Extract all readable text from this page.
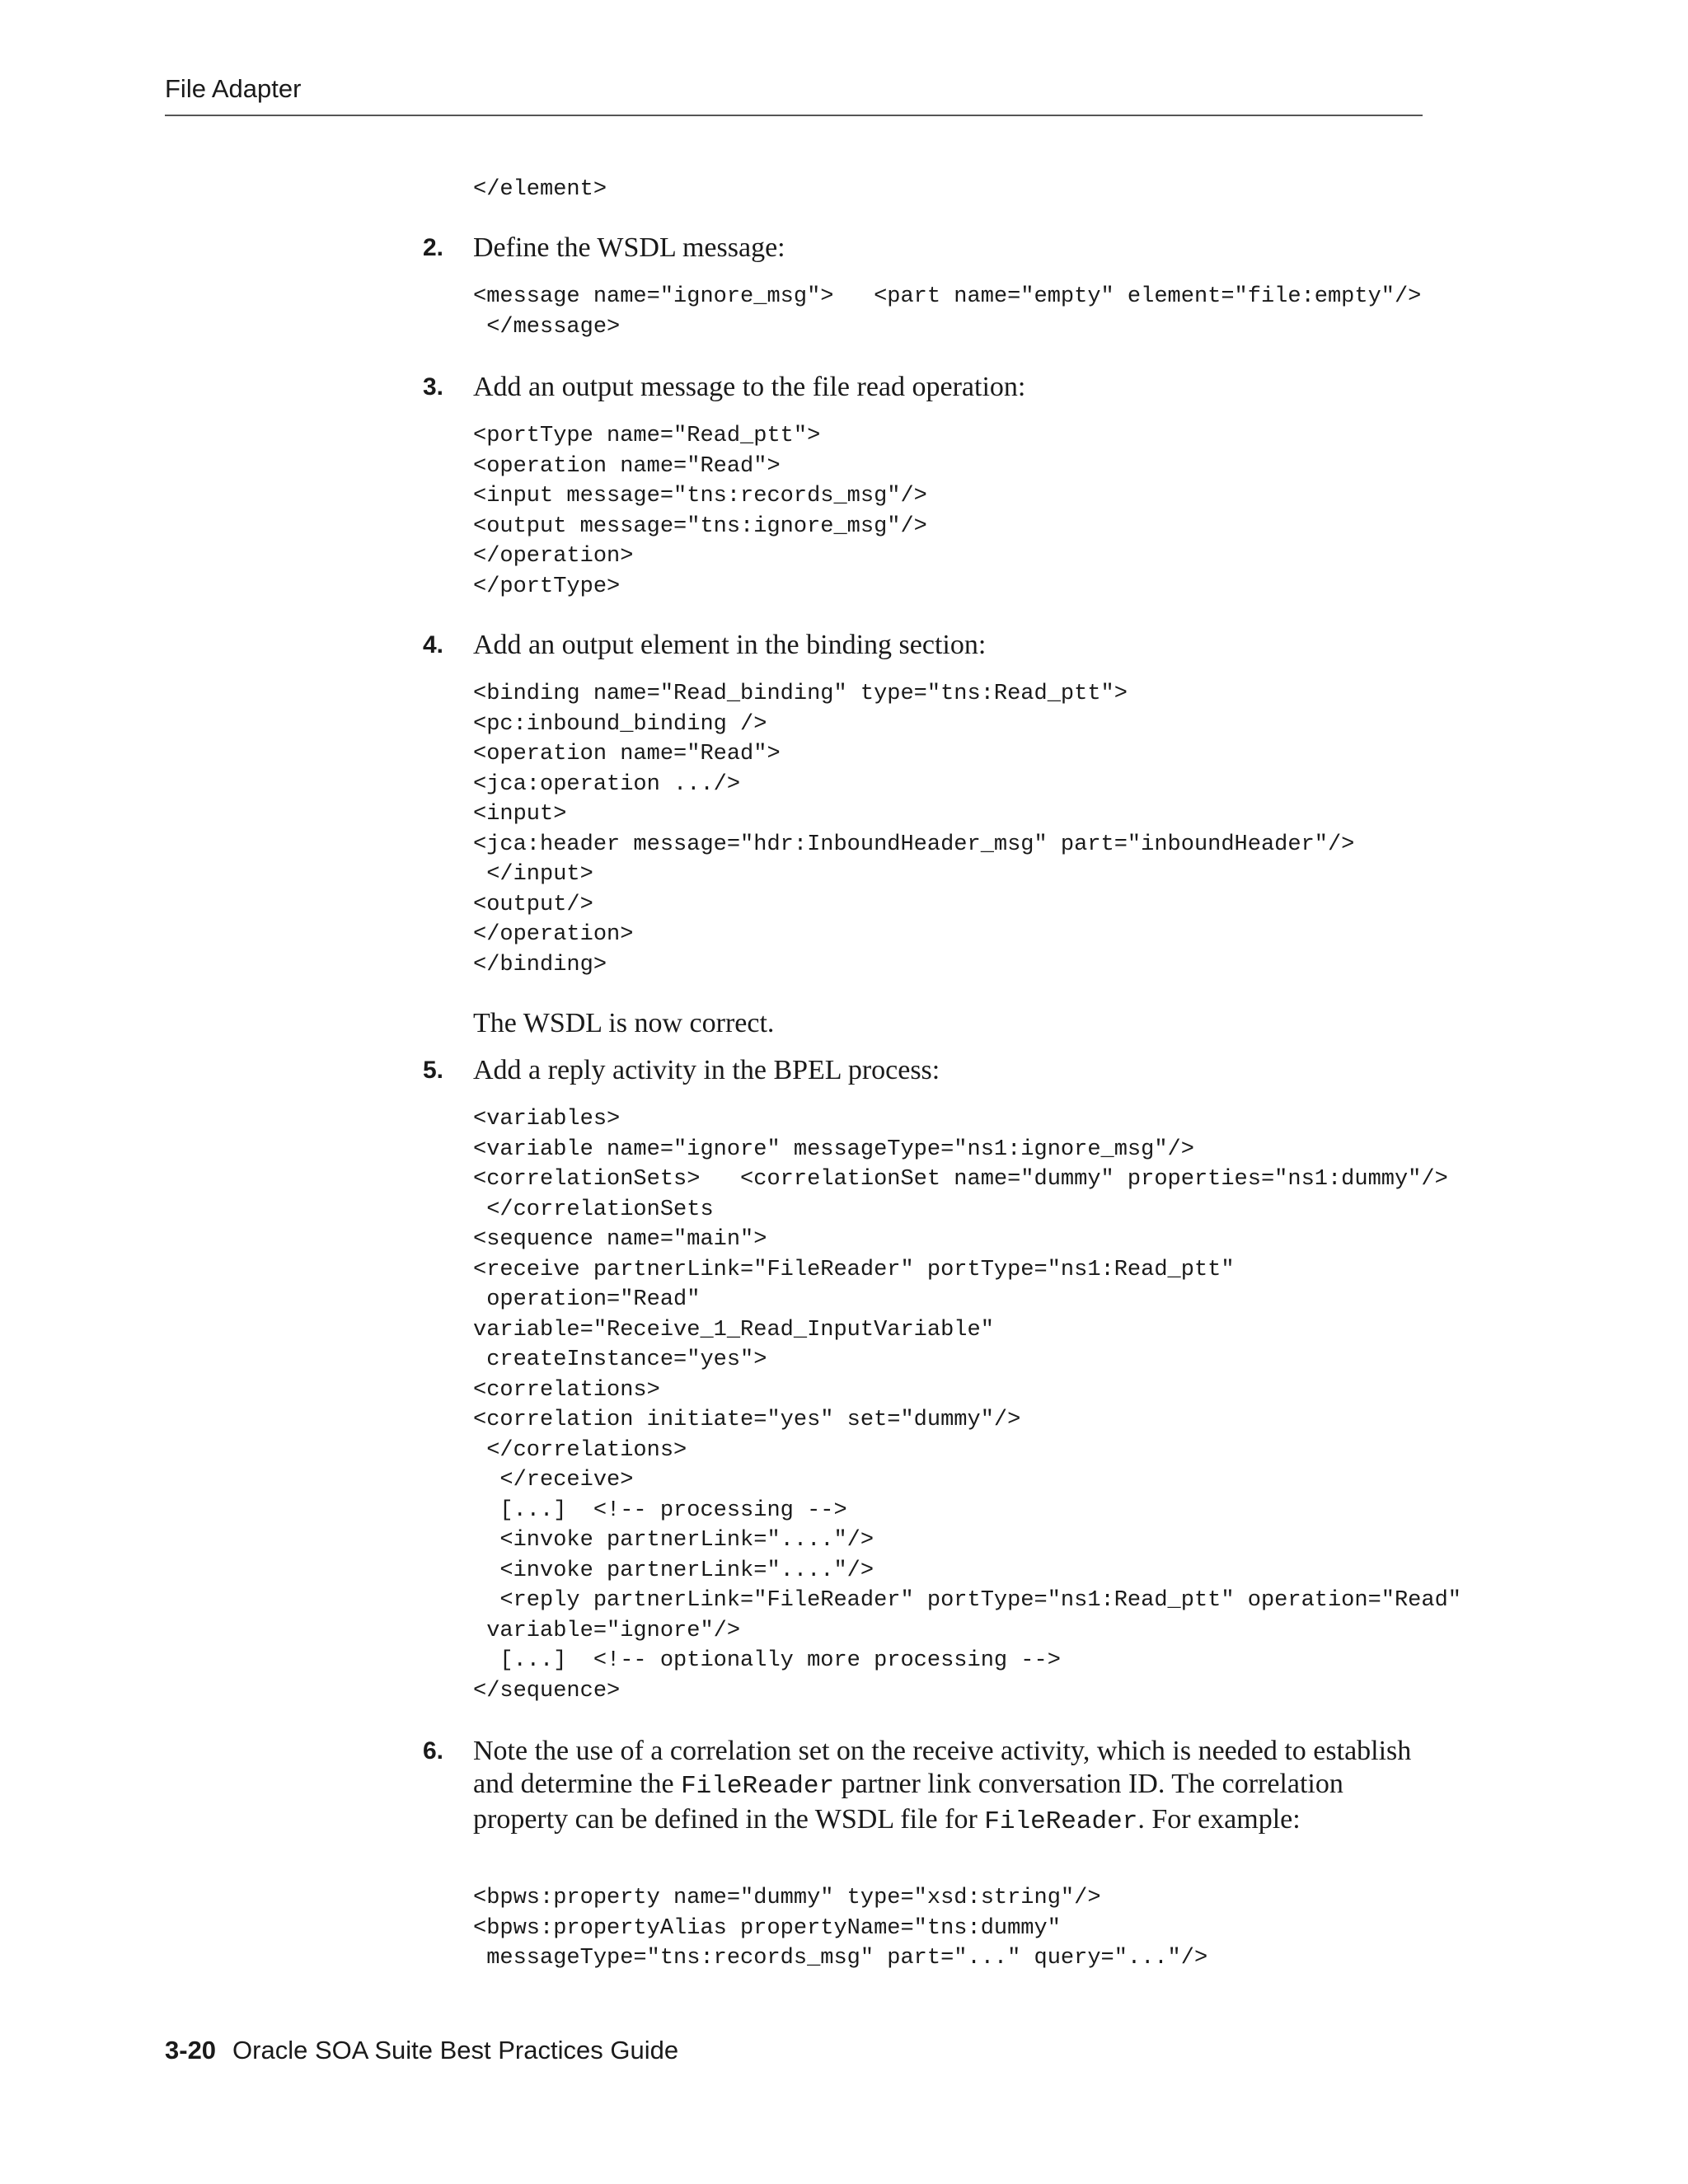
File Adapter
</element>
2. Define the WSDL message:
<message name="ignore_msg">   <part name="empty" element="file:empty"/>
</message>
3. Add an output message to the file read operation:
<portType name="Read_ptt">
<operation name="Read">
<input message="tns:records_msg"/>
<output message="tns:ignore_msg"/>
</operation>
</portType>
4. Add an output element in the binding section:
<binding name="Read_binding" type="tns:Read_ptt">
<pc:inbound_binding />
<operation name="Read">
<jca:operation .../>
<input>
<jca:header message="hdr:InboundHeader_msg" part="inboundHeader"/>
</input>
<output/>
</operation>
</binding>
The WSDL is now correct.
5. Add a reply activity in the BPEL process:
<variables>
<variable name="ignore" messageType="ns1:ignore_msg"/>
<correlationSets>   <correlationSet name="dummy" properties="ns1:dummy"/>
</correlationSets
<sequence name="main">
<receive partnerLink="FileReader" portType="ns1:Read_ptt"
operation="Read"
variable="Receive_1_Read_InputVariable"
createInstance="yes">
<correlations>
<correlation initiate="yes" set="dummy"/>
</correlations>
</receive>
[...]  <!-- processing -->
<invoke partnerLink="...."/>
<invoke partnerLink="...."/>
<reply partnerLink="FileReader" portType="ns1:Read_ptt" operation="Read"
variable="ignore"/>
[...]  <!-- optionally more processing -->
</sequence>
6. Note the use of a correlation set on the receive activity, which is needed to establish and determine the FileReader partner link conversation ID. The correlation property can be defined in the WSDL file for FileReader. For example:
<bpws:property name="dummy" type="xsd:string"/>
<bpws:propertyAlias propertyName="tns:dummy"
messageType="tns:records_msg" part="..." query="..."/>
3-20 Oracle SOA Suite Best Practices Guide
